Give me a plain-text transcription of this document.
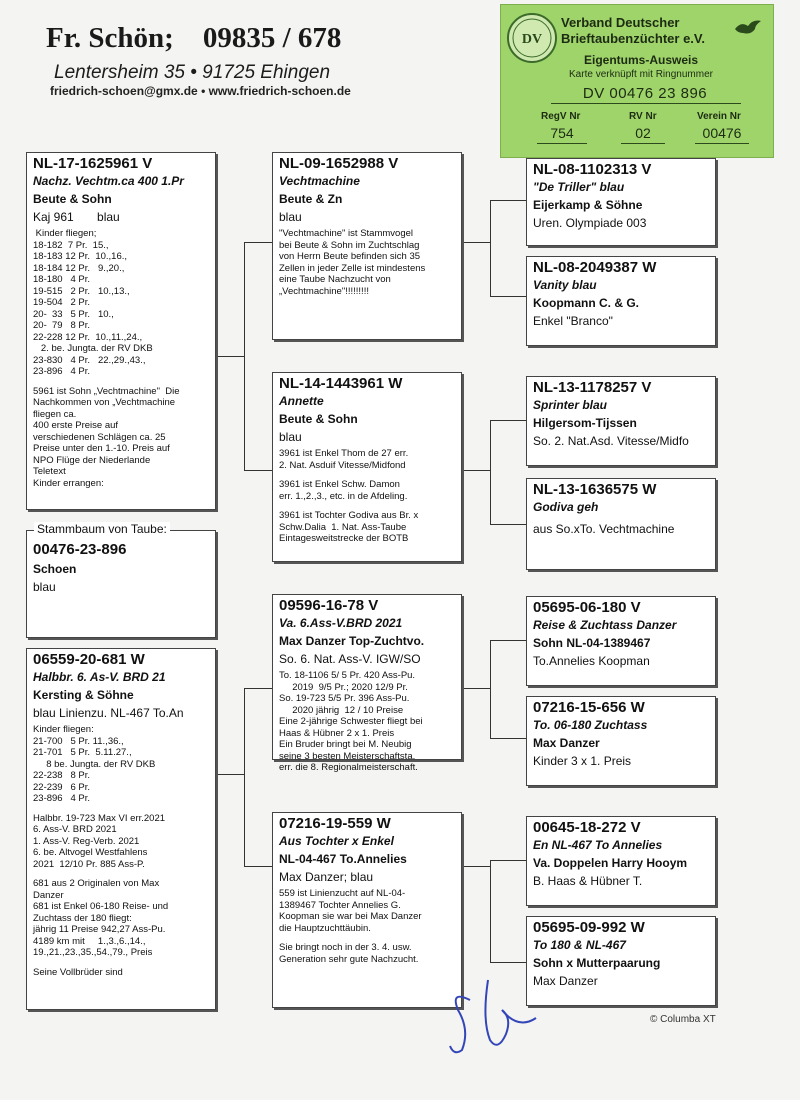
Fr. Schön;    09835 / 678
Lentersheim 35 • 91725 Ehingen
friedrich-schoen@gmx.de • www.friedrich-schoen.de
DV
Verband Deutscher
Brieftaubenzüchter e.V.
Eigentums-Ausweis
Karte verknüpft mit Ringnummer
DV 00476 23 896
RegV Nr	RV Nr	Verein Nr
754	02	00476
NL-17-1625961 V
Nachz. Vechtm.ca 400 1.Pr
Beute & Sohn
Kaj 961       blau
Kinder fliegen;
18-182  7 Pr.  15.,
18-183 12 Pr.  10.,16.,
18-184 12 Pr.   9.,20.,
18-180   4 Pr.
19-515   2 Pr.   10.,13.,
19-504   2 Pr.
20-  33   5 Pr.   10.,
20-  79   8 Pr.
22-228 12 Pr.  10.,11.,24.,
2. be. Jungta. der RV DKB
23-830   4 Pr.   22.,29.,43.,
23-896   4 Pr.
5961 ist Sohn „Vechtmachine"  Die
Nachkommen von „Vechtmachine
fliegen ca.
400 erste Preise auf
verschiedenen Schlägen ca. 25
Preise unter den 1.-10. Preis auf
NPO Flüge der Niederlande
Teletext
Kinder errangen:
00476-23-896
Schoen
blau
Stammbaum von Taube:
06559-20-681 W
Halbbr. 6. As-V. BRD 21
Kersting & Söhne
blau Linienzu. NL-467 To.An
Kinder fliegen:
21-700   5 Pr. 11.,36.,
21-701   5 Pr.  5.11.27.,
8 be. Jungta. der RV DKB
22-238   8 Pr.
22-239   6 Pr.
23-896   4 Pr.
Halbbr. 19-723 Max VI err.2021
6. Ass-V. BRD 2021
1. Ass-V. Reg-Verb. 2021
6. be. Altvogel Westfahlens
2021  12/10 Pr. 885 Ass-P.
681 aus 2 Originalen von Max
Danzer
681 ist Enkel 06-180 Reise- und
Zuchtass der 180 fliegt:
jährig 11 Preise 942,27 Ass-Pu.
4189 km mit     1.,3.,6.,14.,
19.,21.,23.,35.,54.,79., Preis
Seine Vollbrüder sind
NL-09-1652988 V
Vechtmachine
Beute & Zn
blau
"Vechtmachine" ist Stammvogel
bei Beute & Sohn im Zuchtschlag
von Herrn Beute befinden sich 35
Zellen in jeder Zelle ist mindestens
eine Taube Nachzucht von
„Vechtmachine"!!!!!!!!!
NL-14-1443961 W
Annette
Beute & Sohn
blau
3961 ist Enkel Thom de 27 err.
2. Nat. Asduif Vitesse/Midfond
3961 ist Enkel Schw. Damon
err. 1.,2.,3., etc. in de Afdeling.
3961 ist Tochter Godiva aus Br. x
Schw.Dalia  1. Nat. Ass-Taube
Eintagesweitstrecke der BOTB
09596-16-78 V
Va. 6.Ass-V.BRD 2021
Max Danzer Top-Zuchtvo.
So. 6. Nat. Ass-V. IGW/SO
To. 18-1106 5/ 5 Pr. 420 Ass-Pu.
2019  9/5 Pr.; 2020 12/9 Pr.
So. 19-723 5/5 Pr. 396 Ass-Pu.
2020 jährig  12 / 10 Preise
Eine 2-jährige Schwester fliegt bei
Haas & Hübner 2 x 1. Preis
Ein Bruder bringt bei M. Neubig
seine 3 besten Meisterschaftsta.
err. die 8. Regionalmeisterschaft.
07216-19-559 W
Aus Tochter x Enkel
NL-04-467 To.Annelies
Max Danzer; blau
559 ist Linienzucht auf NL-04-
1389467 Tochter Annelies G.
Koopman sie war bei Max Danzer
die Hauptzuchttäubin.
Sie bringt noch in der 3. 4. usw.
Generation sehr gute Nachzucht.
NL-08-1102313 V
"De Triller" blau
Eijerkamp & Söhne
Uren. Olympiade 003
NL-08-2049387 W
Vanity blau
Koopmann C. & G.
Enkel "Branco"
NL-13-1178257 V
Sprinter blau
Hilgersom-Tijssen
So. 2. Nat.Asd. Vitesse/Midfo
NL-13-1636575 W
Godiva geh
aus So.xTo. Vechtmachine
05695-06-180 V
Reise & Zuchtass Danzer
Sohn NL-04-1389467
To.Annelies Koopman
07216-15-656 W
To. 06-180 Zuchtass
Max Danzer
Kinder 3 x 1. Preis
00645-18-272 V
En NL-467 To Annelies
Va. Doppelen Harry Hooym
B. Haas & Hübner T.
05695-09-992 W
To 180 & NL-467
Sohn x Mutterpaarung
Max Danzer
© Columba XT
